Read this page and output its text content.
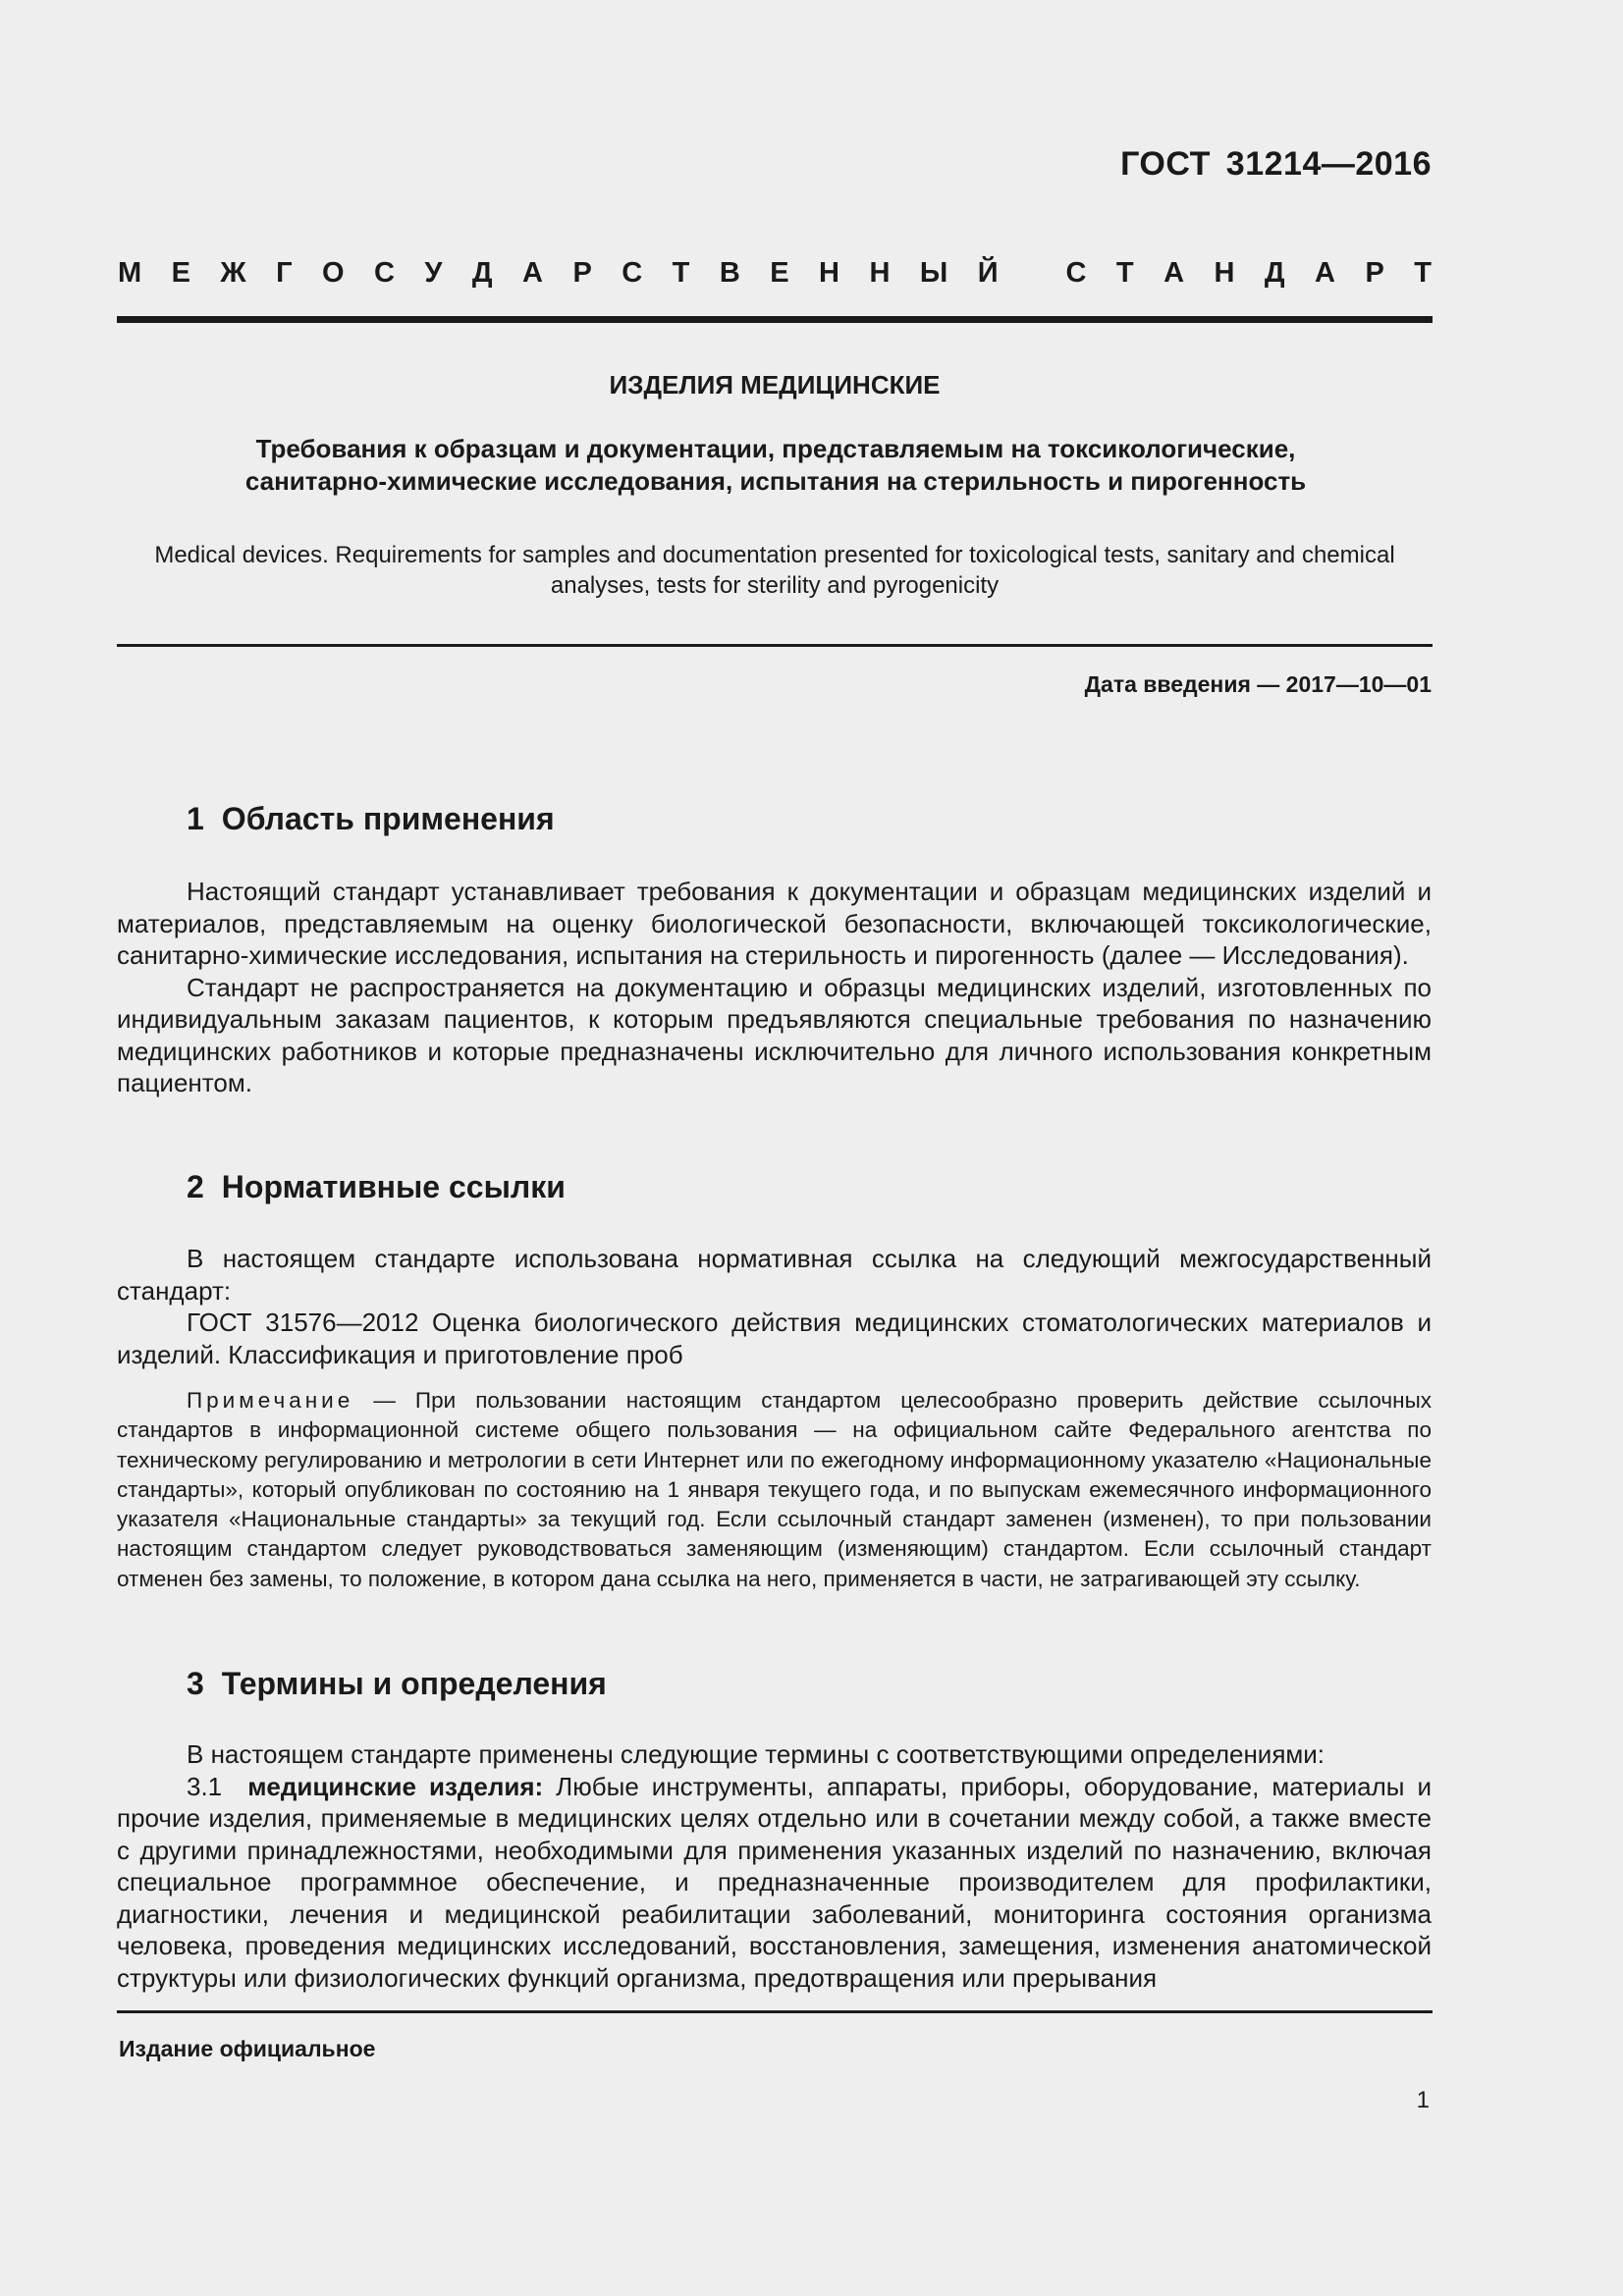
ГОСТ 31214—2016
М Е Ж Г О С У Д А Р С Т В Е Н Н Ы Й
С Т А Н Д А Р Т
ИЗДЕЛИЯ МЕДИЦИНСКИЕ
Требования к образцам и документации, представляемым на токсикологические,
санитарно-химические исследования, испытания на стерильность и пирогенность
Medical devices. Requirements for samples and documentation presented for toxicological tests, sanitary and chemical
analyses, tests for sterility and pyrogenicity
Дата введения — 2017—10—01
1 Область применения

Настоящий стандарт устанавливает требования к документации и образцам медицинских изделий и материалов, представляемым на оценку биологической безопасности, включающей токсикологические, санитарно-химические исследования, испытания на стерильность и пирогенность (далее — Исследования).

Стандарт не распространяется на документацию и образцы медицинских изделий, изготовленных по индивидуальным заказам пациентов, к которым предъявляются специальные требования по назначению медицинских работников и которые предназначены исключительно для личного использования конкретным пациентом.

2 Нормативные ссылки

В настоящем стандарте использована нормативная ссылка на следующий межгосударственный стандарт:

ГОСТ 31576—2012 Оценка биологического действия медицинских стоматологических материалов и изделий. Классификация и приготовление проб

Примечание — При пользовании настоящим стандартом целесообразно проверить действие ссылочных стандартов в информационной системе общего пользования — на официальном сайте Федерального агентства по техническому регулированию и метрологии в сети Интернет или по ежегодному информационному указателю «Национальные стандарты», который опубликован по состоянию на 1 января текущего года, и по выпускам ежемесячного информационного указателя «Национальные стандарты» за текущий год. Если ссылочный стандарт заменен (изменен), то при пользовании настоящим стандартом следует руководствоваться заменяющим (изменяющим) стандартом. Если ссылочный стандарт отменен без замены, то положение, в котором дана ссылка на него, применяется в части, не затрагивающей эту ссылку.

3 Термины и определения

В настоящем стандарте применены следующие термины с соответствующими определениями:

3.1 медицинские изделия: Любые инструменты, аппараты, приборы, оборудование, материалы и прочие изделия, применяемые в медицинских целях отдельно или в сочетании между собой, а также вместе с другими принадлежностями, необходимыми для применения указанных изделий по назначению, включая специальное программное обеспечение, и предназначенные производителем для профилактики, диагностики, лечения и медицинской реабилитации заболеваний, мониторинга состояния организма человека, проведения медицинских исследований, восстановления, замещения, изменения анатомической структуры или физиологических функций организма, предотвращения или прерывания

Издание официальное
1
